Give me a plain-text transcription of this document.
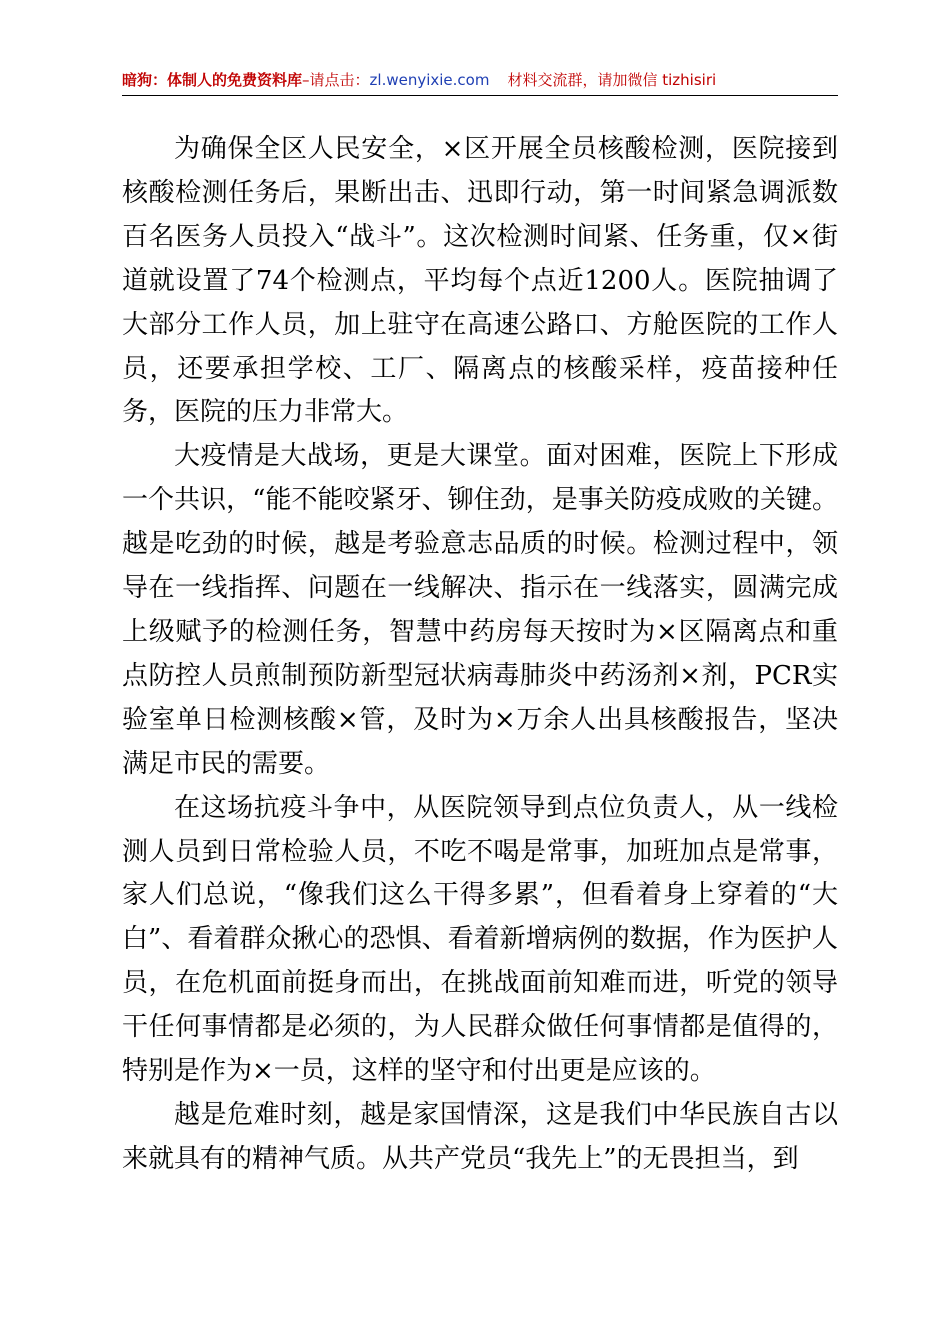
暗狗：体制人的免费资料库–请点击：zl.wenyixie.com 材料交流群，请加微信 tizhisiri

为确保全区人民安全，×区开展全员核酸检测，医院接到核酸检测任务后，果断出击、迅即行动，第一时间紧急调派数百名医务人员投入“战斗”。这次检测时间紧、任务重，仅×街道就设置了74个检测点，平均每个点近1200人。医院抽调了大部分工作人员，加上驻守在高速公路口、方舱医院的工作人员，还要承担学校、工厂、隔离点的核酸采样，疫苗接种任务，医院的压力非常大。

大疫情是大战场，更是大课堂。面对困难，医院上下形成一个共识，“能不能咬紧牙、铆住劲，是事关防疫成败的关键。越是吃劲的时候，越是考验意志品质的时候。检测过程中，领导在一线指挥、问题在一线解决、指示在一线落实，圆满完成上级赋予的检测任务，智慧中药房每天按时为×区隔离点和重点防控人员煎制预防新型冠状病毒肺炎中药汤剂×剂，PCR实验室单日检测核酸×管，及时为×万余人出具核酸报告，坚决满足市民的需要。

在这场抗疫斗争中，从医院领导到点位负责人，从一线检测人员到日常检验人员，不吃不喝是常事，加班加点是常事，家人们总说，“像我们这么干得多累”，但看着身上穿着的“大白”、看着群众揪心的恐惧、看着新增病例的数据，作为医护人员，在危机面前挺身而出，在挑战面前知难而进，听党的领导干任何事情都是必须的，为人民群众做任何事情都是值得的，特别是作为×一员，这样的坚守和付出更是应该的。

越是危难时刻，越是家国情深，这是我们中华民族自古以来就具有的精神气质。从共产党员“我先上”的无畏担当，到
